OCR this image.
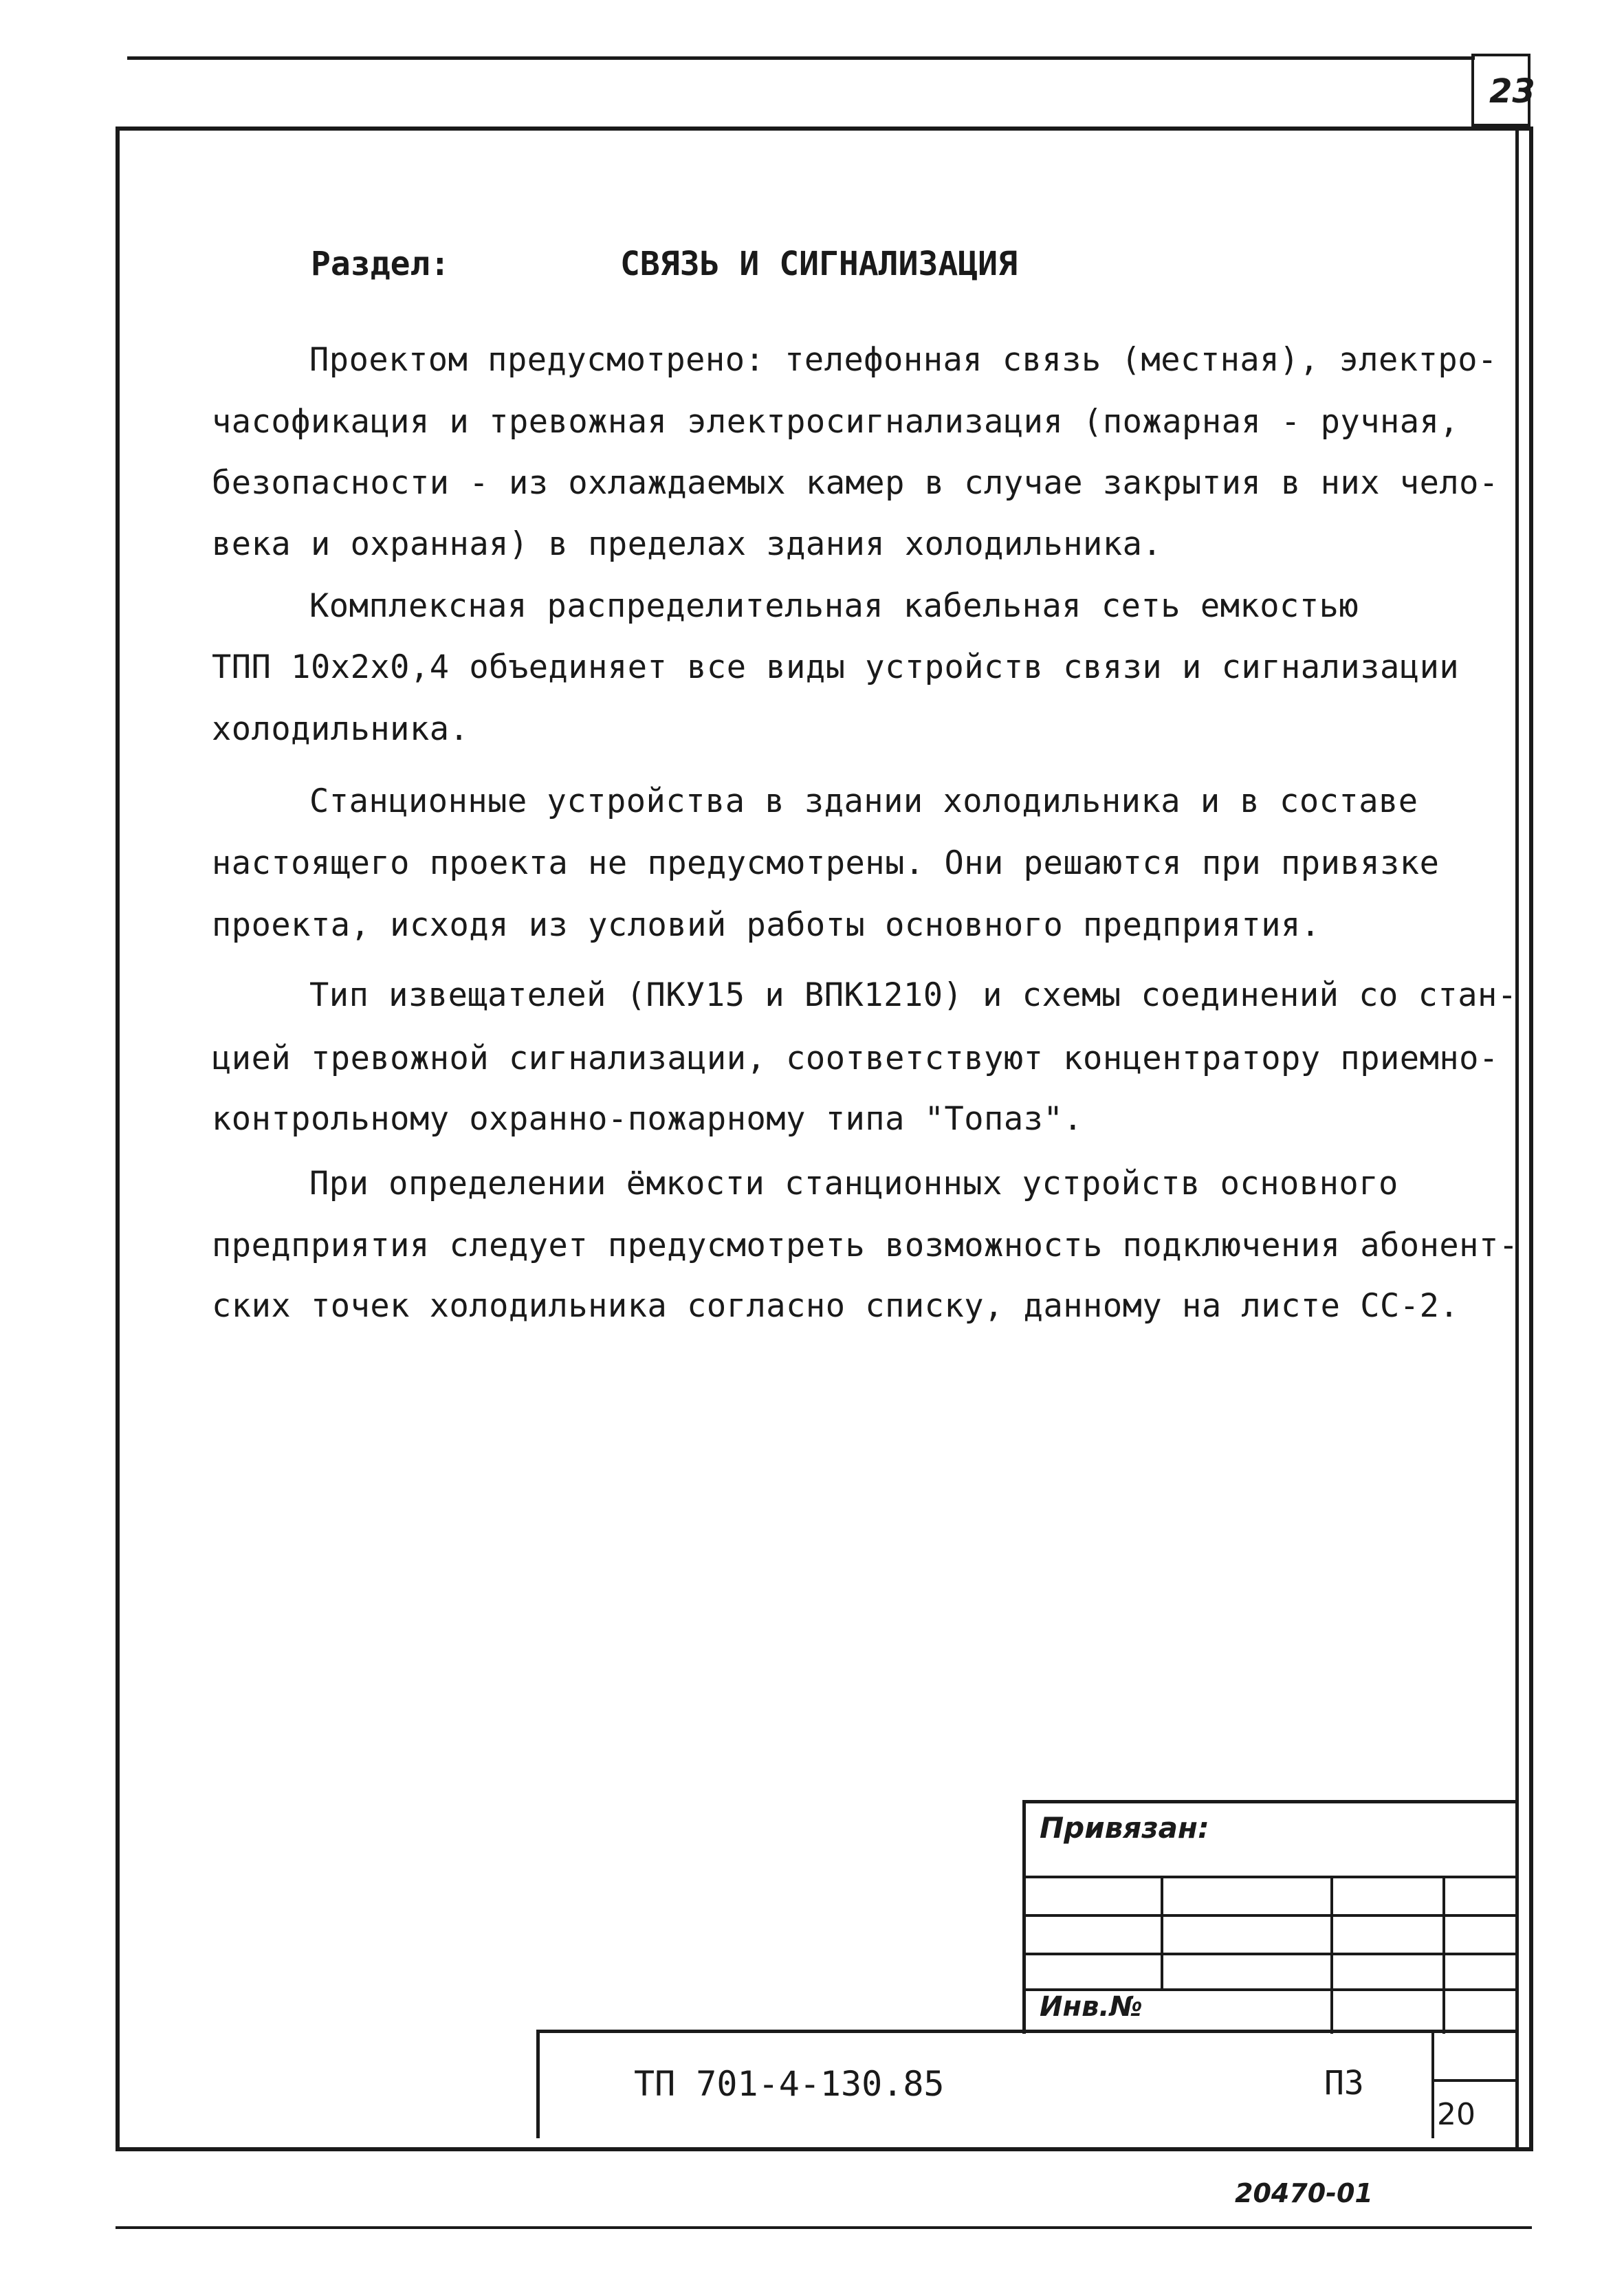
23
Раздел:	СВЯЗЬ И СИГНАЛИЗАЦИЯ
Проектом предусмотрено: телефонная связь (местная), электро-
часофикация и тревожная электросигнализация (пожарная - ручная,
безопасности - из охлаждаемых камер в случае закрытия в них чело-
века и охранная) в пределах здания холодильника.
Комплексная распределительная кабельная сеть емкостью
ТПП 10х2х0,4 объединяет все виды устройств связи и сигнализации
холодильника.
Станционные устройства в здании холодильника и в составе
настоящего проекта не предусмотрены. Они решаются при привязке
проекта, исходя из условий работы основного предприятия.
Тип извещателей (ПКУ15 и ВПК1210) и схемы соединений со стан-
цией тревожной сигнализации, соответствуют концентратору приемно-
контрольному охранно-пожарному типа "Топаз".
При определении ёмкости станционных устройств основного
предприятия следует предусмотреть возможность подключения абонент-
ских точек холодильника согласно списку, данному на листе СС-2.
Привязан:
Инв.№
ТП 701-4-130.85	ПЗ
20
20470-01
